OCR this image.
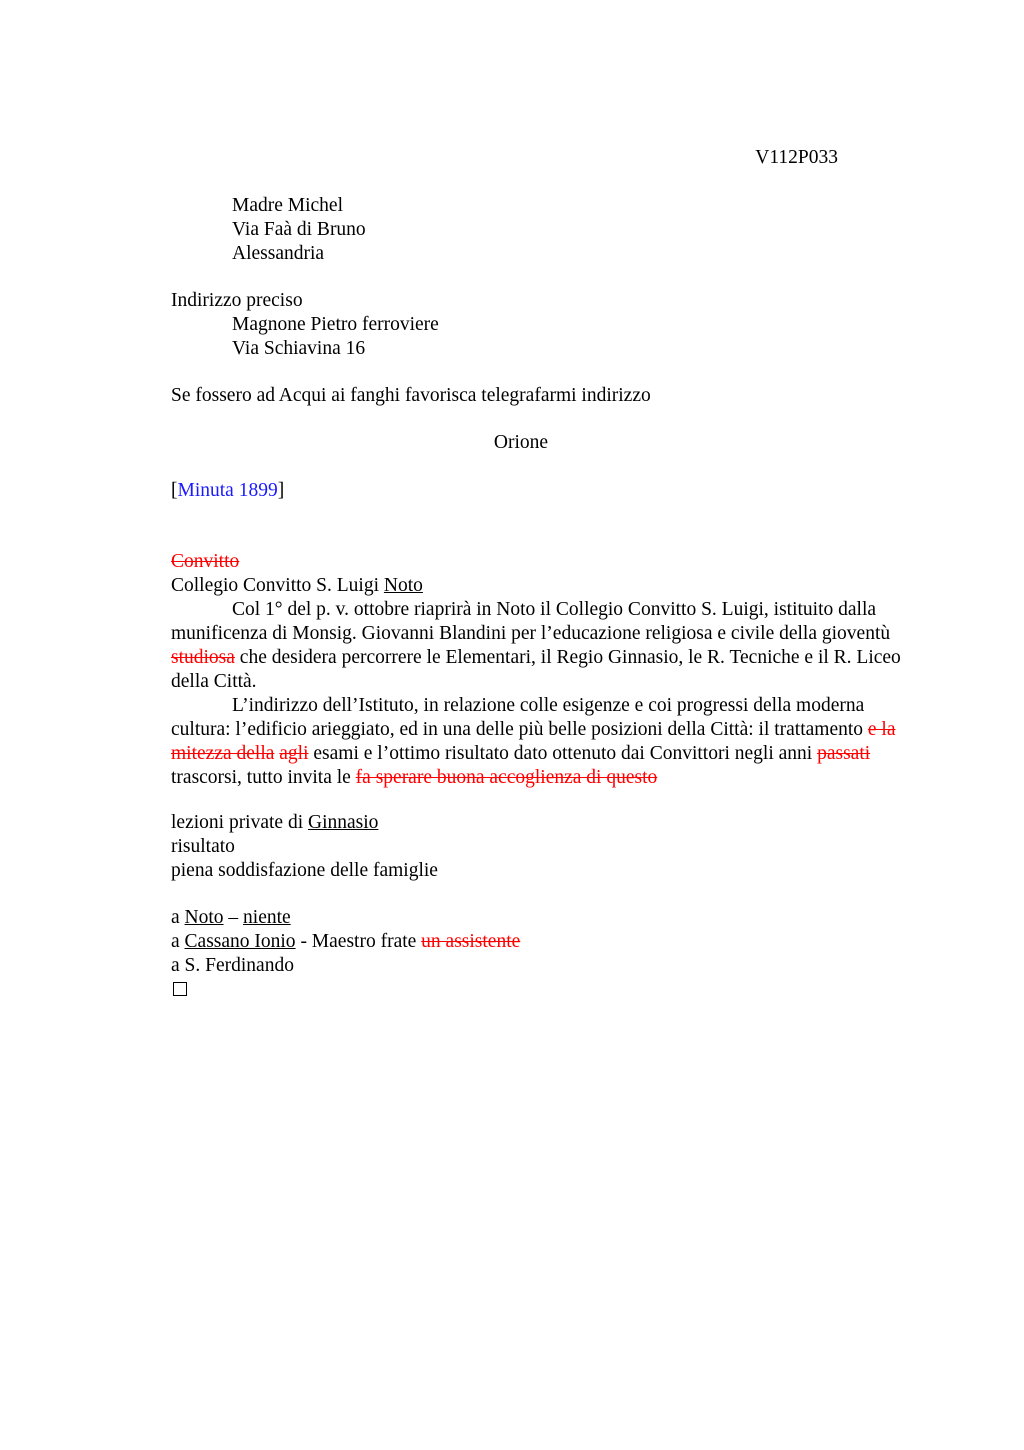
V112P033
Madre Michel
Via Faà di Bruno
Alessandria
Indirizzo preciso
Magnone Pietro ferroviere
Via Schiavina 16
Se fossero ad Acqui ai fanghi favorisca telegrafarmi indirizzo
Orione
[Minuta 1899]
Convitto
Collegio Convitto S. Luigi Noto

Col 1° del p. v. ottobre riaprirà in Noto il Collegio Convitto S. Luigi, istituito dalla munificenza di Monsig. Giovanni Blandini per l’educazione religiosa e civile della gioventù studiosa che desidera percorrere le Elementari, il Regio Ginnasio, le R. Tecniche e il R. Liceo della Città.

L’indirizzo dell’Istituto, in relazione colle esigenze e coi progressi della moderna cultura: l’edificio arieggiato, ed in una delle più belle posizioni della Città: il trattamento e la mitezza della agli esami e l’ottimo risultato dato ottenuto dai Convittori negli anni passati trascorsi, tutto invita le fa sperare buona accoglienza di questo

lezioni private di Ginnasio
risultato
piena soddisfazione delle famiglie
a Noto – niente
a Cassano Ionio - Maestro frate un assistente
a S. Ferdinando
